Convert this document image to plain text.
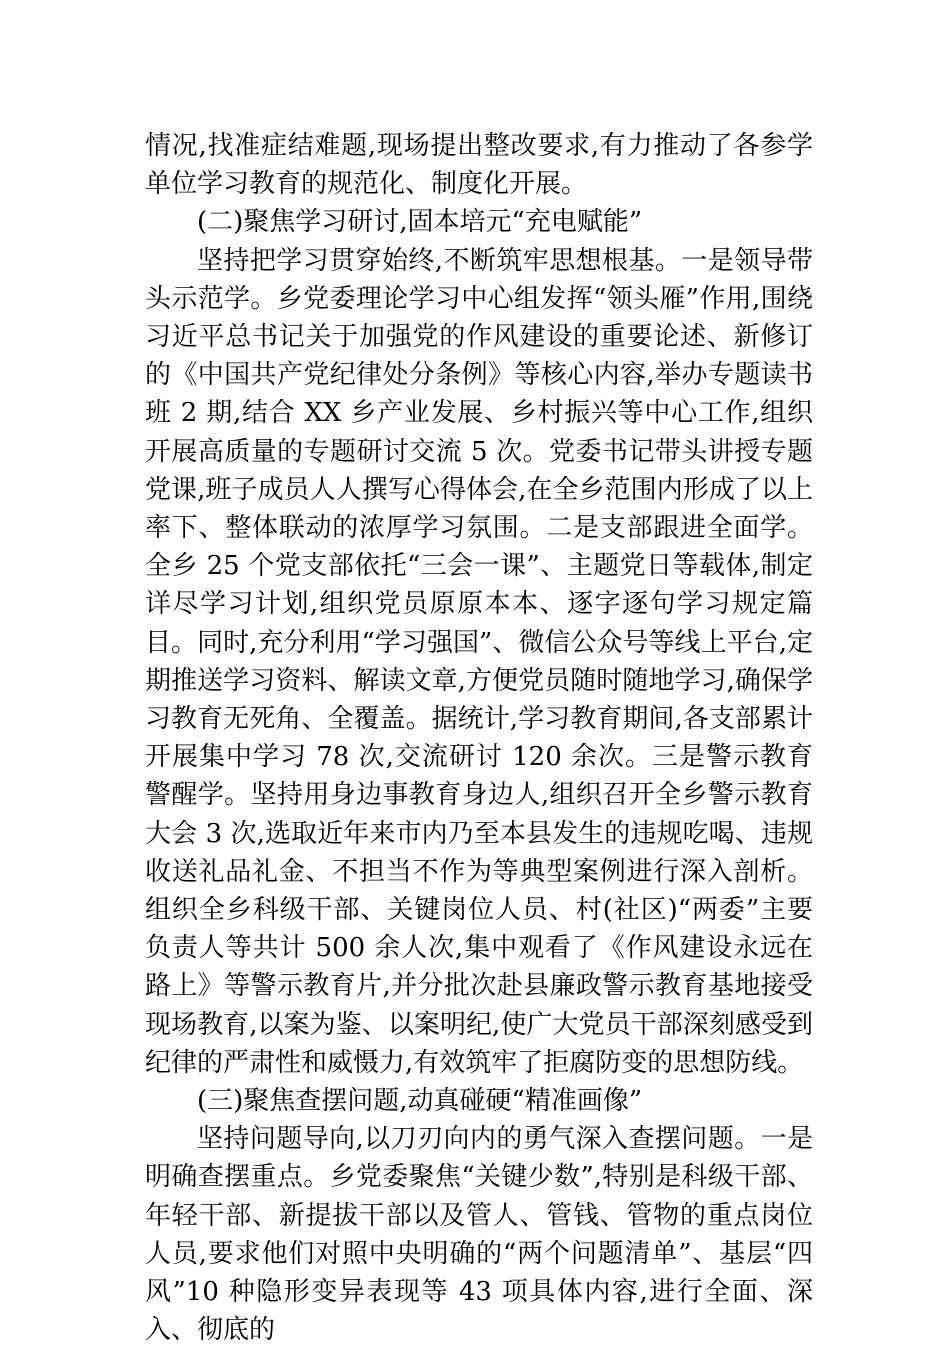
情况,找准症结难题,现场提出整改要求,有力推动了各参学单位学习教育的规范化、制度化开展。

(二)聚焦学习研讨,固本培元“充电赋能”

坚持把学习贯穿始终,不断筑牢思想根基。一是领导带头示范学。乡党委理论学习中心组发挥“领头雁”作用,围绕习近平总书记关于加强党的作风建设的重要论述、新修订的《中国共产党纪律处分条例》等核心内容,举办专题读书班 2 期,结合 XX 乡产业发展、乡村振兴等中心工作,组织开展高质量的专题研讨交流 5 次。党委书记带头讲授专题党课,班子成员人人撰写心得体会,在全乡范围内形成了以上率下、整体联动的浓厚学习氛围。二是支部跟进全面学。全乡 25 个党支部依托“三会一课”、主题党日等载体,制定详尽学习计划,组织党员原原本本、逐字逐句学习规定篇目。同时,充分利用“学习强国”、微信公众号等线上平台,定期推送学习资料、解读文章,方便党员随时随地学习,确保学习教育无死角、全覆盖。据统计,学习教育期间,各支部累计开展集中学习 78 次,交流研讨 120 余次。三是警示教育警醒学。坚持用身边事教育身边人,组织召开全乡警示教育大会 3 次,选取近年来市内乃至本县发生的违规吃喝、违规收送礼品礼金、不担当不作为等典型案例进行深入剖析。组织全乡科级干部、关键岗位人员、村(社区)“两委”主要负责人等共计 500 余人次,集中观看了《作风建设永远在路上》等警示教育片,并分批次赴县廉政警示教育基地接受现场教育,以案为鉴、以案明纪,使广大党员干部深刻感受到纪律的严肃性和威慑力,有效筑牢了拒腐防变的思想防线。

(三)聚焦查摆问题,动真碰硬“精准画像”

坚持问题导向,以刀刃向内的勇气深入查摆问题。一是明确查摆重点。乡党委聚焦“关键少数”,特别是科级干部、年轻干部、新提拔干部以及管人、管钱、管物的重点岗位人员,要求他们对照中央明确的“两个问题清单”、基层“四风”10 种隐形变异表现等 43 项具体内容,进行全面、深入、彻底的
